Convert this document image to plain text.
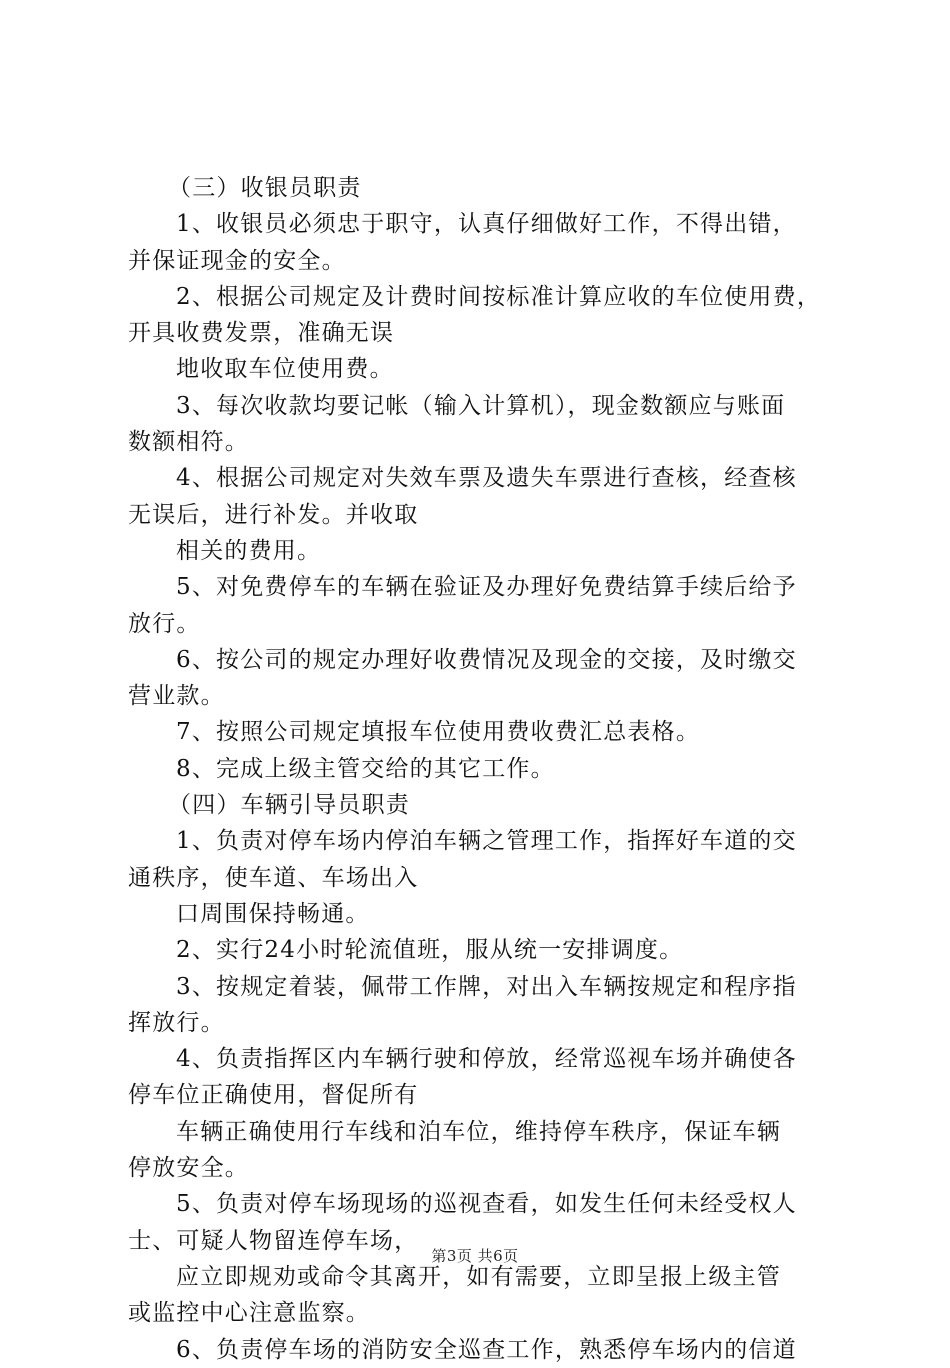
（三）收银员职责
1、收银员必须忠于职守，认真仔细做好工作，不得出错，
并保证现金的安全。
2、根据公司规定及计费时间按标准计算应收的车位使用费，
开具收费发票，准确无误
地收取车位使用费。
3、每次收款均要记帐（输入计算机），现金数额应与账面
数额相符。
4、根据公司规定对失效车票及遗失车票进行查核，经查核
无误后，进行补发。并收取
相关的费用。
5、对免费停车的车辆在验证及办理好免费结算手续后给予
放行。
6、按公司的规定办理好收费情况及现金的交接，及时缴交
营业款。
7、按照公司规定填报车位使用费收费汇总表格。
8、完成上级主管交给的其它工作。
（四）车辆引导员职责
1、负责对停车场内停泊车辆之管理工作，指挥好车道的交
通秩序，使车道、车场出入
口周围保持畅通。
2、实行24小时轮流值班，服从统一安排调度。
3、按规定着装，佩带工作牌，对出入车辆按规定和程序指
挥放行。
4、负责指挥区内车辆行驶和停放，经常巡视车场并确使各
停车位正确使用，督促所有
车辆正确使用行车线和泊车位，维持停车秩序，保证车辆
停放安全。
5、负责对停车场现场的巡视查看，如发生任何未经受权人
士、可疑人物留连停车场，
应立即规劝或命令其离开，如有需要，立即呈报上级主管
或监控中心注意监察。
6、负责停车场的消防安全巡查工作，熟悉停车场内的信道
第3页 共6页
